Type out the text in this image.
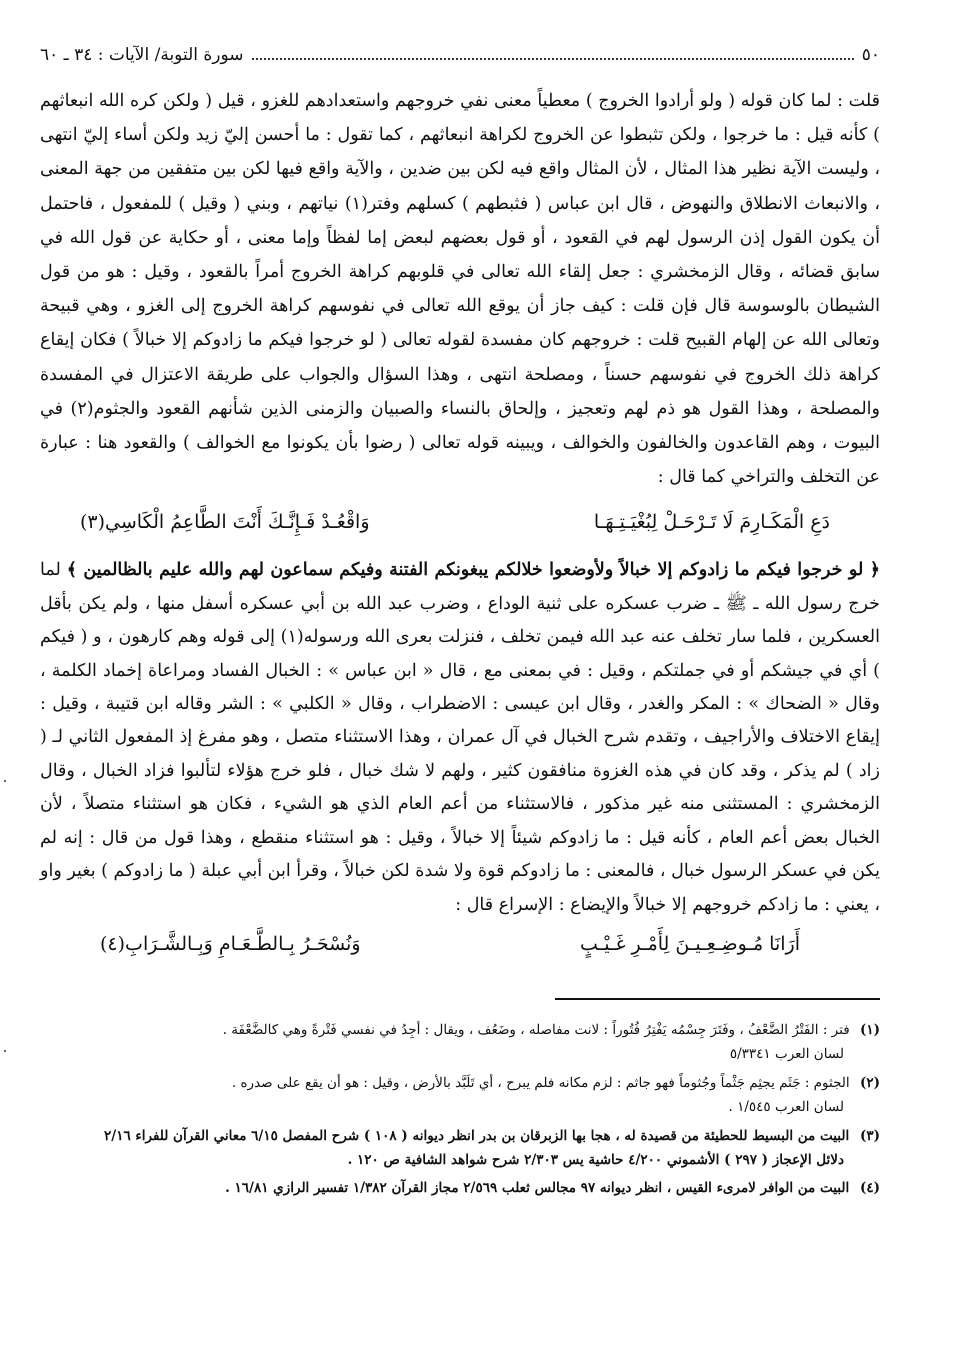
٥٠
سورة التوبة/ الآيات : ٣٤ ـ ٦٠

قلت : لما كان قوله ( ولو أرادوا الخروج ) معطياً معنى نفي خروجهم واستعدادهم للغزو ، قيل ( ولكن كره الله انبعاثهم ) كأنه قيل : ما خرجوا ، ولكن تثبطوا عن الخروج لكراهة انبعاثهم ، كما تقول : ما أحسن إليّ زيد ولكن أساء إليّ انتهى ، وليست الآية نظير هذا المثال ، لأن المثال واقع فيه لكن بين ضدين ، والآية واقع فيها لكن بين متفقين من جهة المعنى ، والانبعاث الانطلاق والنهوض ، قال ابن عباس ( فثبطهم ) كسلهم وفتر(١) نياتهم ، وبني ( وقيل ) للمفعول ، فاحتمل أن يكون القول إذن الرسول لهم في القعود ، أو قول بعضهم لبعض إما لفظاً وإما معنى ، أو حكاية عن قول الله في سابق قضائه ، وقال الزمخشري : جعل إلقاء الله تعالى في قلوبهم كراهة الخروج أمراً بالقعود ، وقيل : هو من قول الشيطان بالوسوسة قال فإن قلت : كيف جاز أن يوقع الله تعالى في نفوسهم كراهة الخروج إلى الغزو ، وهي قبيحة وتعالى الله عن إلهام القبيح قلت : خروجهم كان مفسدة لقوله تعالى ( لو خرجوا فيكم ما زادوكم إلا خبالاً ) فكان إيقاع كراهة ذلك الخروج في نفوسهم حسناً ، ومصلحة انتهى ، وهذا السؤال والجواب على طريقة الاعتزال في المفسدة والمصلحة ، وهذا القول هو ذم لهم وتعجيز ، وإلحاق بالنساء والصبيان والزمنى الذين شأنهم القعود والجثوم(٢) في البيوت ، وهم القاعدون والخالفون والخوالف ، ويبينه قوله تعالى ( رضوا بأن يكونوا مع الخوالف ) والقعود هنا : عبارة عن التخلف والتراخي كما قال :

دَعِ الْمَكَـارِمَ لَا تَـرْحَـلْ لِبُغْيَـتِـهَـا
وَاقْعُـدْ فَـإِنَّـكَ أَنْتَ الطَّاعِمُ الْكَاسِي(٣)

﴿ لو خرجوا فيكم ما زادوكم إلا خبالاً ولأوضعوا خلالكم يبغونكم الفتنة وفيكم سماعون لهم والله عليم بالظالمين ﴾ لما خرج رسول الله ـ ﷺ ـ ضرب عسكره على ثنية الوداع ، وضرب عبد الله بن أبي عسكره أسفل منها ، ولم يكن بأقل العسكرين ، فلما سار تخلف عنه عبد الله فيمن تخلف ، فنزلت بعرى الله ورسوله(١) إلى قوله وهم كارهون ، و ( فيكم ) أي في جيشكم أو في جملتكم ، وقيل : في بمعنى مع ، قال « ابن عباس » : الخبال الفساد ومراعاة إخماد الكلمة ، وقال « الضحاك » : المكر والغدر ، وقال ابن عيسى : الاضطراب ، وقال « الكلبي » : الشر وقاله ابن قتيبة ، وقيل : إيقاع الاختلاف والأراجيف ، وتقدم شرح الخبال في آل عمران ، وهذا الاستثناء متصل ، وهو مفرغ إذ المفعول الثاني لـ ( زاد ) لم يذكر ، وقد كان في هذه الغزوة منافقون كثير ، ولهم لا شك خبال ، فلو خرج هؤلاء لتألبوا فزاد الخبال ، وقال الزمخشري : المستثنى منه غير مذكور ، فالاستثناء من أعم العام الذي هو الشيء ، فكان هو استثناء متصلاً ، لأن الخبال بعض أعم العام ، كأنه قيل : ما زادوكم شيئاً إلا خبالاً ، وقيل : هو استثناء منقطع ، وهذا قول من قال : إنه لم يكن في عسكر الرسول خبال ، فالمعنى : ما زادوكم قوة ولا شدة لكن خبالاً ، وقرأ ابن أبي عبلة ( ما زادوكم ) بغير واو ، يعني : ما زادكم خروجهم إلا خبالاً والإيضاع : الإسراع قال :

أَرَانَا مُـوضِـعِـيـنَ لِأَمْـرِ غَـيْـبٍ
وَنُسْحَـرُ بِـالطَّـعَـامِ وَبِـالشَّـرَابِ(٤)
(١) فتر : الفَتْرُ الضَّعْفُ ، وفَتَرَ جِسْمُه يَفْتِرُ فُتُوراً : لانت مفاصله ، وضَعُف ، ويقال : أجِدُ في نفسي فَتْرةً وهي كالضَّعْفَة .
لسان العرب ٥/٣٣٤١
(٢) الجثوم : جَثَم يجثِم جَثْماً وجُثوماً فهو جاثم : لزم مكانه فلم يبرح ، أي تَلَبَّد بالأرض ، وقيل : هو أن يقع على صدره .
لسان العرب ١/٥٤٥ .
(٣) البيت من البسيط للحطيئة من قصيدة له ، هجا بها الزبرقان بن بدر انظر ديوانه ( ١٠٨ ) شرح المفصل ٦/١٥ معاني القرآن للفراء ٢/١٦
دلائل الإعجاز ( ٢٩٧ ) الأشموني ٤/٢٠٠ حاشية يس ٢/٣٠٣ شرح شواهد الشافية ص ١٢٠ .
(٤) البيت من الوافر لامرىء القيس ، انظر ديوانه ٩٧ مجالس ثعلب ٢/٥٦٩ مجاز القرآن ١/٣٨٢ تفسير الرازي ١٦/٨١ .
